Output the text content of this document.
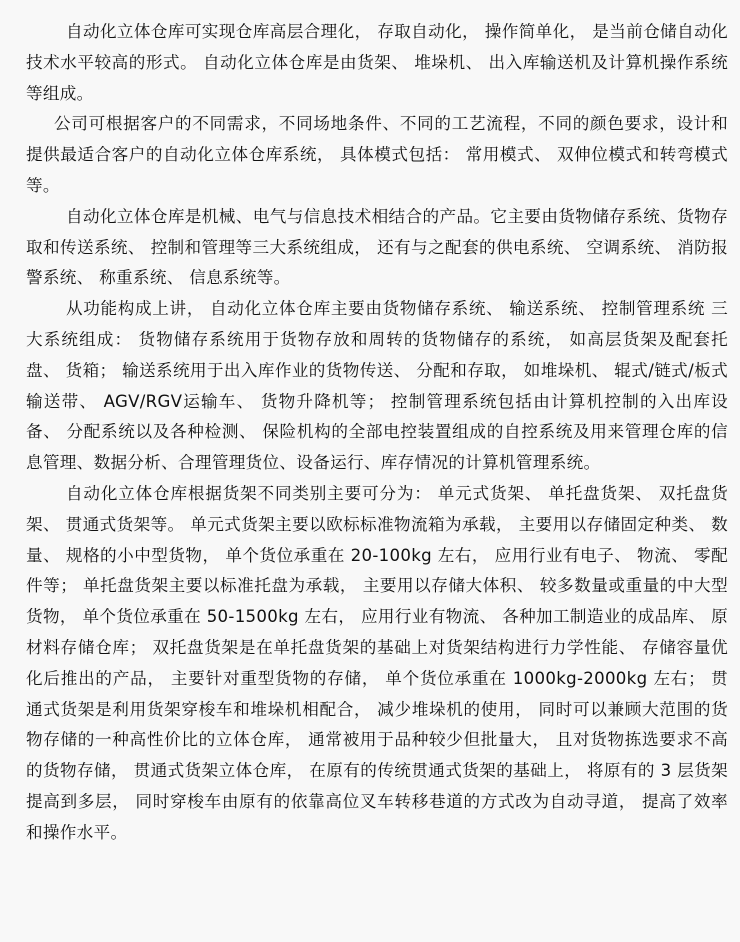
自动化立体仓库可实现仓库高层合理化， 存取自动化， 操作简单化， 是当前仓储自动化技术水平较高的形式。 自动化立体仓库是由货架、 堆垛机、 出入库输送机及计算机操作系统等组成。

公司可根据客户的不同需求，不同场地条件、不同的工艺流程，不同的颜色要求，设计和提供最适合客户的自动化立体仓库系统， 具体模式包括： 常用模式、 双伸位模式和转弯模式等。

自动化立体仓库是机械、电气与信息技术相结合的产品。它主要由货物储存系统、货物存取和传送系统、 控制和管理等三大系统组成， 还有与之配套的供电系统、 空调系统、 消防报警系统、 称重系统、 信息系统等。

从功能构成上讲， 自动化立体仓库主要由货物储存系统、 输送系统、 控制管理系统 三大系统组成： 货物储存系统用于货物存放和周转的货物储存的系统， 如高层货架及配套托盘、 货箱； 输送系统用于出入库作业的货物传送、 分配和存取， 如堆垛机、 辊式/链式/板式输送带、 AGV/RGV运输车、 货物升降机等； 控制管理系统包括由计算机控制的入出库设备、 分配系统以及各种检测、 保险机构的全部电控装置组成的自控系统及用来管理仓库的信息管理、数据分析、合理管理货位、设备运行、库存情况的计算机管理系统。

自动化立体仓库根据货架不同类别主要可分为： 单元式货架、 单托盘货架、 双托盘货架、 贯通式货架等。 单元式货架主要以欧标标准物流箱为承载， 主要用以存储固定种类、 数量、 规格的小中型货物， 单个货位承重在 20-100kg 左右， 应用行业有电子、 物流、 零配件等； 单托盘货架主要以标准托盘为承载， 主要用以存储大体积、 较多数量或重量的中大型货物， 单个货位承重在 50-1500kg 左右， 应用行业有物流、 各种加工制造业的成品库、 原材料存储仓库； 双托盘货架是在单托盘货架的基础上对货架结构进行力学性能、 存储容量优化后推出的产品， 主要针对重型货物的存储， 单个货位承重在 1000kg-2000kg 左右； 贯通式货架是利用货架穿梭车和堆垛机相配合， 减少堆垛机的使用， 同时可以兼顾大范围的货物存储的一种高性价比的立体仓库， 通常被用于品种较少但批量大， 且对货物拣选要求不高的货物存储， 贯通式货架立体仓库， 在原有的传统贯通式货架的基础上， 将原有的 3 层货架提高到多层， 同时穿梭车由原有的依靠高位叉车转移巷道的方式改为自动寻道， 提高了效率和操作水平。
